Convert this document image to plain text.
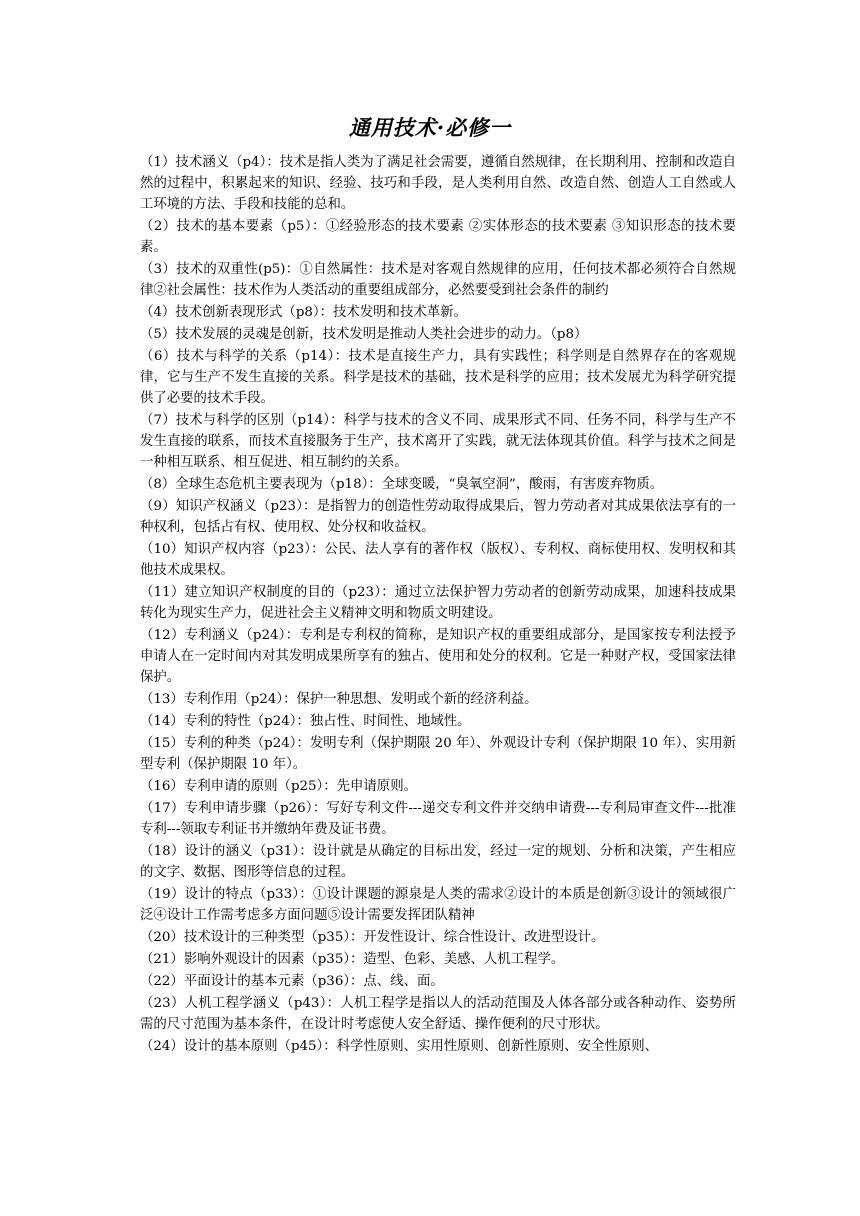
通用技术·必修一

（1）技术涵义（p4）：技术是指人类为了满足社会需要，遵循自然规律，在长期利用、控制和改造自然的过程中，积累起来的知识、经验、技巧和手段，是人类利用自然、改造自然、创造人工自然或人工环境的方法、手段和技能的总和。

（2）技术的基本要素（p5）：①经验形态的技术要素 ②实体形态的技术要素 ③知识形态的技术要素。

（3）技术的双重性(p5)：①自然属性：技术是对客观自然规律的应用，任何技术都必须符合自然规律②社会属性：技术作为人类活动的重要组成部分，必然要受到社会条件的制约

（4）技术创新表现形式（p8）：技术发明和技术革新。

（5）技术发展的灵魂是创新，技术发明是推动人类社会进步的动力。（p8）

（6）技术与科学的关系（p14）：技术是直接生产力，具有实践性；科学则是自然界存在的客观规律，它与生产不发生直接的关系。科学是技术的基础，技术是科学的应用；技术发展尤为科学研究提供了必要的技术手段。

（7）技术与科学的区别（p14）：科学与技术的含义不同、成果形式不同、任务不同，科学与生产不发生直接的联系，而技术直接服务于生产，技术离开了实践，就无法体现其价值。科学与技术之间是一种相互联系、相互促进、相互制约的关系。

（8）全球生态危机主要表现为（p18）：全球变暖，“臭氧空洞”，酸雨，有害废弃物质。

（9）知识产权涵义（p23）：是指智力的创造性劳动取得成果后，智力劳动者对其成果依法享有的一种权利，包括占有权、使用权、处分权和收益权。

（10）知识产权内容（p23）：公民、法人享有的著作权（版权）、专利权、商标使用权、发明权和其他技术成果权。

（11）建立知识产权制度的目的（p23）：通过立法保护智力劳动者的创新劳动成果，加速科技成果转化为现实生产力，促进社会主义精神文明和物质文明建设。

（12）专利涵义（p24）：专利是专利权的简称，是知识产权的重要组成部分，是国家按专利法授予申请人在一定时间内对其发明成果所享有的独占、使用和处分的权利。它是一种财产权，受国家法律保护。

（13）专利作用（p24）：保护一种思想、发明或个新的经济利益。

（14）专利的特性（p24）：独占性、时间性、地域性。

（15）专利的种类（p24）：发明专利（保护期限 20 年）、外观设计专利（保护期限 10 年）、实用新型专利（保护期限 10 年）。

（16）专利申请的原则（p25）：先申请原则。

（17）专利申请步骤（p26）：写好专利文件---递交专利文件并交纳申请费---专利局审查文件---批准专利---领取专利证书并缴纳年费及证书费。

（18）设计的涵义（p31）：设计就是从确定的目标出发，经过一定的规划、分析和决策，产生相应的文字、数据、图形等信息的过程。

（19）设计的特点（p33）：①设计课题的源泉是人类的需求②设计的本质是创新③设计的领域很广泛④设计工作需考虑多方面问题⑤设计需要发挥团队精神

（20）技术设计的三种类型（p35）：开发性设计、综合性设计、改进型设计。

（21）影响外观设计的因素（p35）：造型、色彩、美感、人机工程学。

（22）平面设计的基本元素（p36）：点、线、面。

（23）人机工程学涵义（p43）：人机工程学是指以人的活动范围及人体各部分或各种动作、姿势所需的尺寸范围为基本条件，在设计时考虑使人安全舒适、操作便利的尺寸形状。

（24）设计的基本原则（p45）：科学性原则、实用性原则、创新性原则、安全性原则、
